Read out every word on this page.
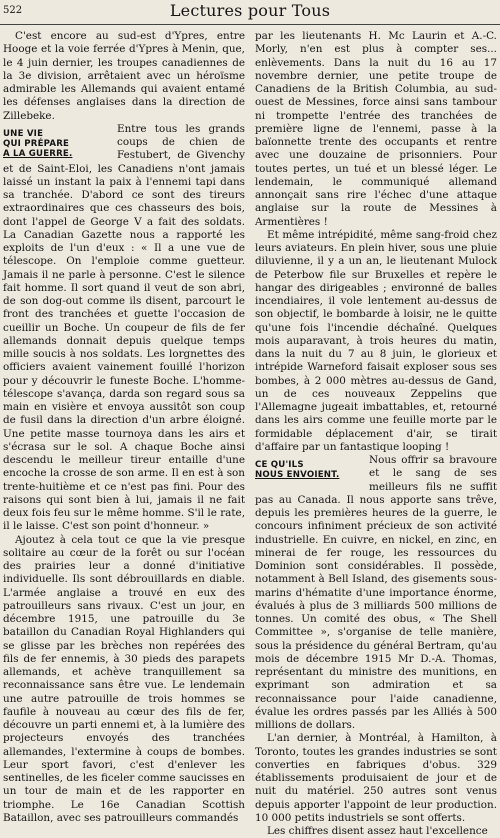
522	Lectures pour Tous

C'est encore au sud-est d'Ypres, entre Hooge et la voie ferrée d'Ypres à Menin, que, le 4 juin dernier, les troupes canadiennes de la 3e division, arrêtaient avec un héroïsme admirable les Allemands qui avaient entamé les défenses anglaises dans la direction de Zillebeke.

UNE VIE
QUI PRÉPARE
A LA GUERRE.

Entre tous les grands coups de chien de Festubert, de Givenchy et de Saint-Eloi, les Canadiens n'ont jamais laissé un instant la paix à l'ennemi tapi dans sa tranchée. D'abord ce sont des tireurs extraordinaires que ces chasseurs des bois, dont l'appel de George V a fait des soldats. La Canadian Gazette nous a rapporté les exploits de l'un d'eux : « Il a une vue de télescope. On l'emploie comme guetteur. Jamais il ne parle à personne. C'est le silence fait homme. Il sort quand il veut de son abri, de son dog-out comme ils disent, parcourt le front des tranchées et guette l'occasion de cueillir un Boche. Un coupeur de fils de fer allemands donnait depuis quelque temps mille soucis à nos soldats. Les lorgnettes des officiers avaient vainement fouillé l'horizon pour y découvrir le funeste Boche. L'homme-télescope s'avança, darda son regard sous sa main en visière et envoya aussitôt son coup de fusil dans la direction d'un arbre éloigné. Une petite masse tournoya dans les airs et s'écrasa sur le sol. A chaque Boche ainsi descendu le meilleur tireur entaille d'une encoche la crosse de son arme. Il en est à son trente-huitième et ce n'est pas fini. Pour des raisons qui sont bien à lui, jamais il ne fait deux fois feu sur le même homme. S'il le rate, il le laisse. C'est son point d'honneur. »

Ajoutez à cela tout ce que la vie presque solitaire au cœur de la forêt ou sur l'océan des prairies leur a donné d'initiative individuelle. Ils sont débrouillards en diable. L'armée anglaise a trouvé en eux des patrouilleurs sans rivaux. C'est un jour, en décembre 1915, une patrouille du 3e bataillon du Canadian Royal Highlanders qui se glisse par les brèches non repérées des fils de fer ennemis, à 30 pieds des parapets allemands, et achève tranquillement sa reconnaissance sans être vue. Le lendemain une autre patrouille de trois hommes se faufile à nouveau au cœur des fils de fer, découvre un parti ennemi et, à la lumière des projecteurs envoyés des tranchées allemandes, l'extermine à coups de bombes. Leur sport favori, c'est d'enlever les sentinelles, de les ficeler comme saucisses en un tour de main et de les rapporter en triomphe. Le 16e Canadian Scottish Bataillon, avec ses patrouilleurs commandés

par les lieutenants H. Mc Laurin et A.-C. Morly, n'en est plus à compter ses... enlèvements. Dans la nuit du 16 au 17 novembre dernier, une petite troupe de Canadiens de la British Columbia, au sud-ouest de Messines, force ainsi sans tambour ni trompette l'entrée des tranchées de première ligne de l'ennemi, passe à la baïonnette trente des occupants et rentre avec une douzaine de prisonniers. Pour toutes pertes, un tué et un blessé léger. Le lendemain, le communiqué allemand annonçait sans rire l'échec d'une attaque anglaise sur la route de Messines à Armentières !

Et même intrépidité, même sang-froid chez leurs aviateurs. En plein hiver, sous une pluie diluvienne, il y a un an, le lieutenant Mulock de Peterbow file sur Bruxelles et repère le hangar des dirigeables ; environné de balles incendiaires, il vole lentement au-dessus de son objectif, le bombarde à loisir, ne le quitte qu'une fois l'incendie déchaîné. Quelques mois auparavant, à trois heures du matin, dans la nuit du 7 au 8 juin, le glorieux et intrépide Warneford faisait exploser sous ses bombes, à 2 000 mètres au-dessus de Gand, un de ces nouveaux Zeppelins que l'Allemagne jugeait imbattables, et, retourné dans les airs comme une feuille morte par le formidable déplacement d'air, se tirait d'affaire par un fantastique looping !

CE QU'ILS
NOUS ENVOIENT.

Nous offrir sa bravoure et le sang de ses meilleurs fils ne suffit pas au Canada. Il nous apporte sans trêve, depuis les premières heures de la guerre, le concours infiniment précieux de son activité industrielle. En cuivre, en nickel, en zinc, en minerai de fer rouge, les ressources du Dominion sont considérables. Il possède, notamment à Bell Island, des gisements sous-marins d'hématite d'une importance énorme, évalués à plus de 3 milliards 500 millions de tonnes. Un comité des obus, « The Shell Committee », s'organise de telle manière, sous la présidence du général Bertram, qu'au mois de décembre 1915 Mr D.-A. Thomas, représentant du ministre des munitions, en exprimant son admiration et sa reconnaissance pour l'aide canadienne, évalue les ordres passés par les Alliés à 500 millions de dollars.

L'an dernier, à Montréal, à Hamilton, à Toronto, toutes les grandes industries se sont converties en fabriques d'obus. 329 établissements produisaient de jour et de nuit du matériel. 250 autres sont venus depuis apporter l'appoint de leur production. 10 000 petits industriels se sont offerts.

Les chiffres disent assez haut l'excellence
